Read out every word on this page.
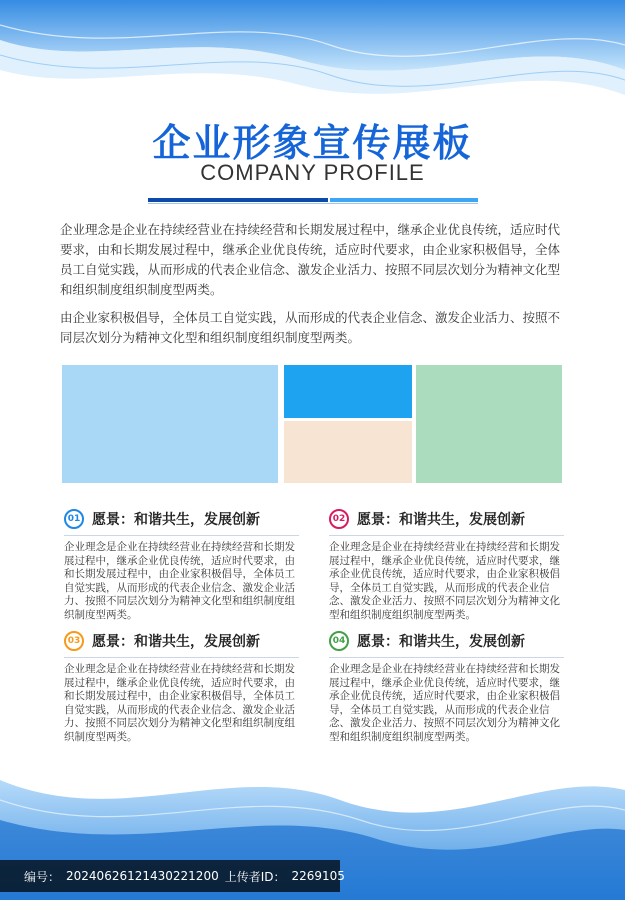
企业形象宣传展板
COMPANY PROFILE
企业理念是企业在持续经营业在持续经营和长期发展过程中，继承企业优良传统，适应时代要求，由和长期发展过程中，继承企业优良传统，适应时代要求，由企业家积极倡导，全体员工自觉实践，从而形成的代表企业信念、激发企业活力、按照不同层次划分为精神文化型和组织制度组织制度型两类。
由企业家积极倡导，全体员工自觉实践，从而形成的代表企业信念、激发企业活力、按照不同层次划分为精神文化型和组织制度组织制度型两类。
01 愿景：和谐共生，发展创新
企业理念是企业在持续经营业在持续经营和长期发展过程中，继承企业优良传统，适应时代要求，由和长期发展过程中，由企业家积极倡导，全体员工自觉实践，从而形成的代表企业信念、激发企业活力、按照不同层次划分为精神文化型和组织制度组织制度型两类。
02 愿景：和谐共生，发展创新
企业理念是企业在持续经营业在持续经营和长期发展过程中，继承企业优良传统，适应时代要求，继承企业优良传统，适应时代要求，由企业家积极倡导，全体员工自觉实践，从而形成的代表企业信念、激发企业活力、按照不同层次划分为精神文化型和组织制度组织制度型两类。
03 愿景：和谐共生，发展创新
企业理念是企业在持续经营业在持续经营和长期发展过程中，继承企业优良传统，适应时代要求，由和长期发展过程中，由企业家积极倡导，全体员工自觉实践，从而形成的代表企业信念、激发企业活力、按照不同层次划分为精神文化型和组织制度组织制度型两类。
04 愿景：和谐共生，发展创新
企业理念是企业在持续经营业在持续经营和长期发展过程中，继承企业优良传统，适应时代要求，继承企业优良传统，适应时代要求，由企业家积极倡导，全体员工自觉实践，从而形成的代表企业信念、激发企业活力、按照不同层次划分为精神文化型和组织制度组织制度型两类。
编号： 20240626121430221200 上传者ID： 2269105
